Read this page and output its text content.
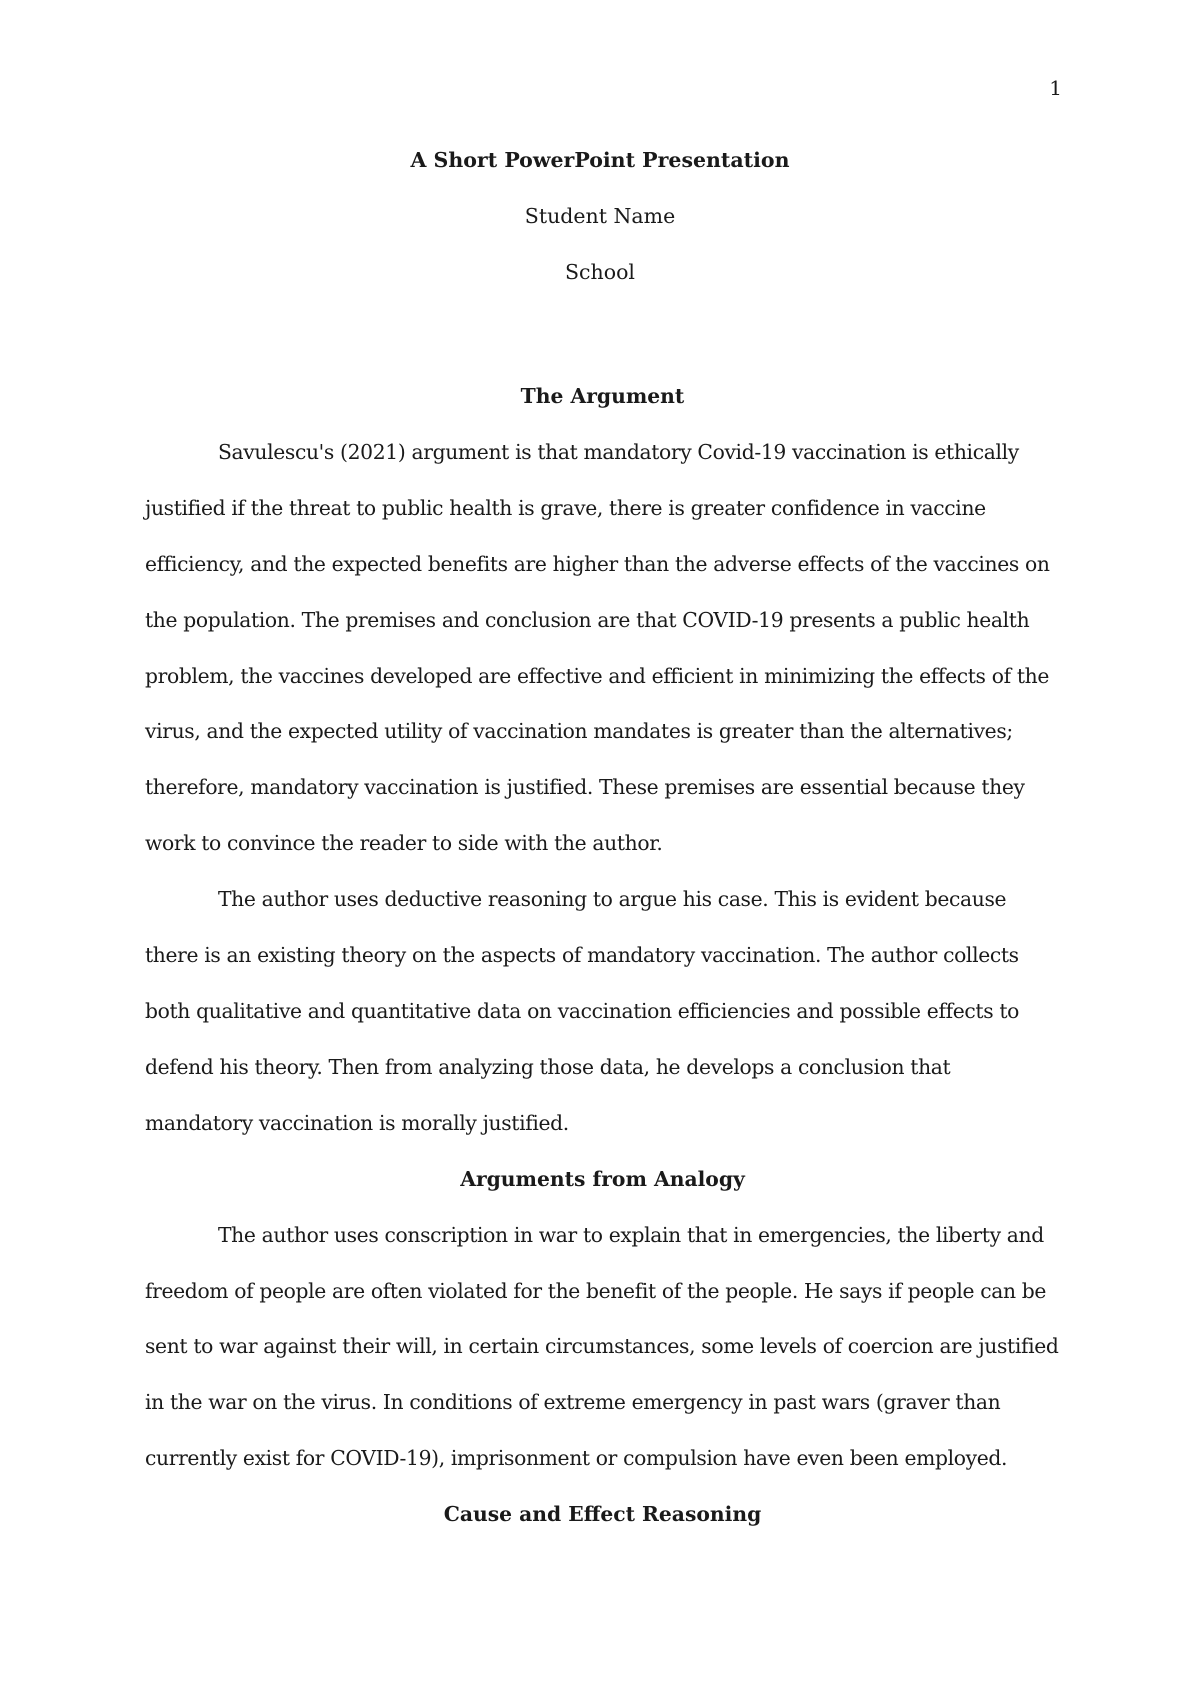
1
A Short PowerPoint Presentation
Student Name
School

The Argument

Savulescu's (2021) argument is that mandatory Covid-19 vaccination is ethically justified if the threat to public health is grave, there is greater confidence in vaccine efficiency, and the expected benefits are higher than the adverse effects of the vaccines on the population. The premises and conclusion are that COVID-19 presents a public health problem, the vaccines developed are effective and efficient in minimizing the effects of the virus, and the expected utility of vaccination mandates is greater than the alternatives; therefore, mandatory vaccination is justified. These premises are essential because they work to convince the reader to side with the author.

The author uses deductive reasoning to argue his case. This is evident because there is an existing theory on the aspects of mandatory vaccination. The author collects both qualitative and quantitative data on vaccination efficiencies and possible effects to defend his theory. Then from analyzing those data, he develops a conclusion that mandatory vaccination is morally justified.

Arguments from Analogy

The author uses conscription in war to explain that in emergencies, the liberty and freedom of people are often violated for the benefit of the people. He says if people can be sent to war against their will, in certain circumstances, some levels of coercion are justified in the war on the virus. In conditions of extreme emergency in past wars (graver than currently exist for COVID-19), imprisonment or compulsion have even been employed.

Cause and Effect Reasoning
